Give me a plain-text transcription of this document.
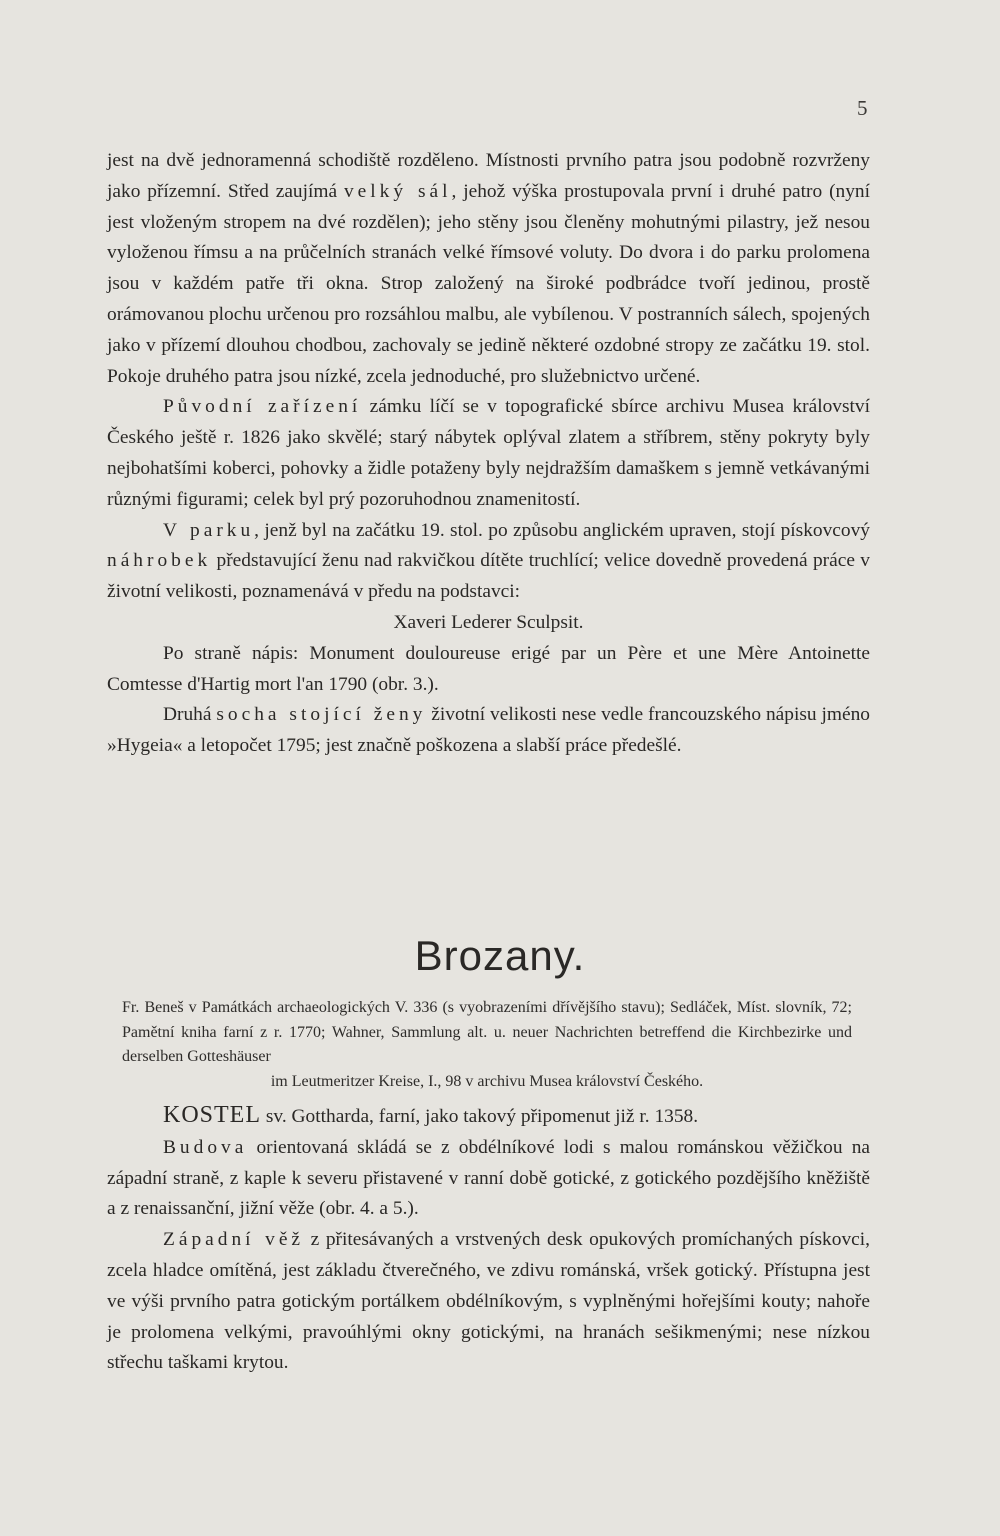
5

jest na dvě jednoramenná schodiště rozděleno. Místnosti prvního patra jsou podobně rozvrženy jako přízemní. Střed zaujímá velký sál, jehož výška prostupovala první i druhé patro (nyní jest vloženým stropem na dvé rozdělen); jeho stěny jsou členěny mohutnými pilastry, jež nesou vyloženou římsu a na průčelních stranách velké římsové voluty. Do dvora i do parku prolomena jsou v každém patře tři okna. Strop založený na široké podbrádce tvoří jedinou, prostě orámovanou plochu určenou pro rozsáhlou malbu, ale vybílenou. V postranních sálech, spojených jako v přízemí dlouhou chodbou, zachovaly se jedině některé ozdobné stropy ze začátku 19. stol. Pokoje druhého patra jsou nízké, zcela jednoduché, pro služebnictvo určené.

Původní zařízení zámku líčí se v topografické sbírce archivu Musea království Českého ještě r. 1826 jako skvělé; starý nábytek oplýval zlatem a stříbrem, stěny pokryty byly nejbohatšími koberci, pohovky a židle potaženy byly nejdražším damaškem s jemně vetkávanými různými figurami; celek byl prý pozoruhodnou znamenitostí.

V parku, jenž byl na začátku 19. stol. po způsobu anglickém upraven, stojí pískovcový náhrobek představující ženu nad rakvičkou dítěte truchlící; velice dovedně provedená práce v životní velikosti, poznamenává v předu na podstavci:

Xaveri Lederer Sculpsit.

Po straně nápis: Monument douloureuse erigé par un Père et une Mère Antoinette Comtesse d'Hartig mort l'an 1790 (obr. 3.).

Druhá socha stojící ženy životní velikosti nese vedle francouzského nápisu jméno »Hygeia« a letopočet 1795; jest značně poškozena a slabší práce předešlé.

Brozany.
Fr. Beneš v Památkách archaeologických V. 336 (s vyobrazeními dřívějšího stavu); Sedláček, Míst. slovník, 72; Pamětní kniha farní z r. 1770; Wahner, Sammlung alt. u. neuer Nachrichten betreffend die Kirchbezirke und derselben Gotteshäuser
im Leutmeritzer Kreise, I., 98 v archivu Musea království Českého.

KOSTEL sv. Gottharda, farní, jako takový připomenut již r. 1358.

Budova orientovaná skládá se z obdélníkové lodi s malou románskou věžičkou na západní straně, z kaple k severu přistavené v ranní době gotické, z gotického pozdějšího kněžiště a z renaissanční, jižní věže (obr. 4. a 5.).

Západní věž z přitesávaných a vrstvených desk opukových promíchaných pískovci, zcela hladce omítěná, jest základu čtverečného, ve zdivu románská, vršek gotický. Přístupna jest ve výši prvního patra gotickým portálkem obdélníkovým, s vyplněnými hořejšími kouty; nahoře je prolomena velkými, pravoúhlými okny gotickými, na hranách sešikmenými; nese nízkou střechu taškami krytou.
